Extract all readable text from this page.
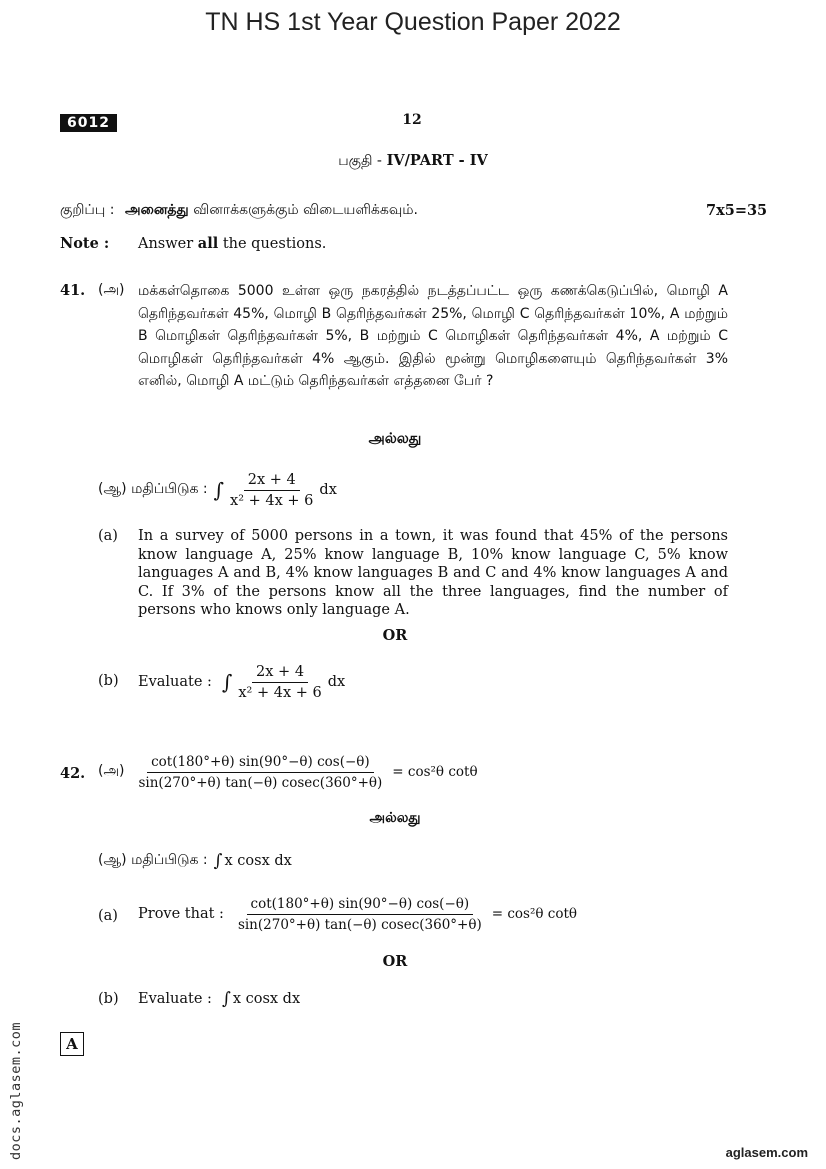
TN HS 1st Year Question Paper 2022
6012	12
பகுதி - IV/PART - IV
குறிப்பு : அனைத்து வினாக்களுக்கும் விடையளிக்கவும்.	7x5=35
Note : Answer all the questions.
41. (அ) மக்கள்தொகை 5000 உள்ள ஒரு நகரத்தில் நடத்தப்பட்ட ஒரு கணக்கெடுப்பில், மொழி A தெரிந்தவர்கள் 45%, மொழி B தெரிந்தவர்கள் 25%, மொழி C தெரிந்தவர்கள் 10%, A மற்றும் B மொழிகள் தெரிந்தவர்கள் 5%, B மற்றும் C மொழிகள் தெரிந்தவர்கள் 4%, A மற்றும் C மொழிகள் தெரிந்தவர்கள் 4% ஆகும். இதில் மூன்று மொழிகளையும் தெரிந்தவர்கள் 3% எனில், மொழி A மட்டும் தெரிந்தவர்கள் எத்தனை பேர் ?
அல்லது
(ஆ) மதிப்பிடுக : ∫ $\frac{2x + 4}{\text{x² + 4x + 6}}$ dx
(a) In a survey of 5000 persons in a town, it was found that 45% of the persons know language A, 25% know language B, 10% know language C, 5% know languages A and B, 4% know languages B and C and 4% know languages A and C. If 3% of the persons know all the three languages, find the number of persons who knows only language A.
OR
(b) Evaluate : ∫ $\frac{2x + 4}{\text{x² + 4x + 6}}$ dx
42. (அ) $\frac{\cot(180^\circ+\theta) \sin(90^\circ-\theta) \cos(-\theta)}{\sin(270^\circ+\theta) \tan(-\theta) cosec(360^\circ+\theta)} = \cos^2\theta$ cotθ
அல்லது
(ஆ) மதிப்பிடுக : ∫ x cosx dx
(a) Prove that : $\frac{\cot(180^\circ+\theta) \sin(90^\circ-\theta) \cos(-\theta)}{\sin(270^\circ+\theta) \tan(-\theta) cosec(360^\circ+\theta)} = \cos^2\theta$ cotθ
OR
(b) Evaluate : ∫ x cosx dx
A
docs.aglasem.com	aglasem.com
